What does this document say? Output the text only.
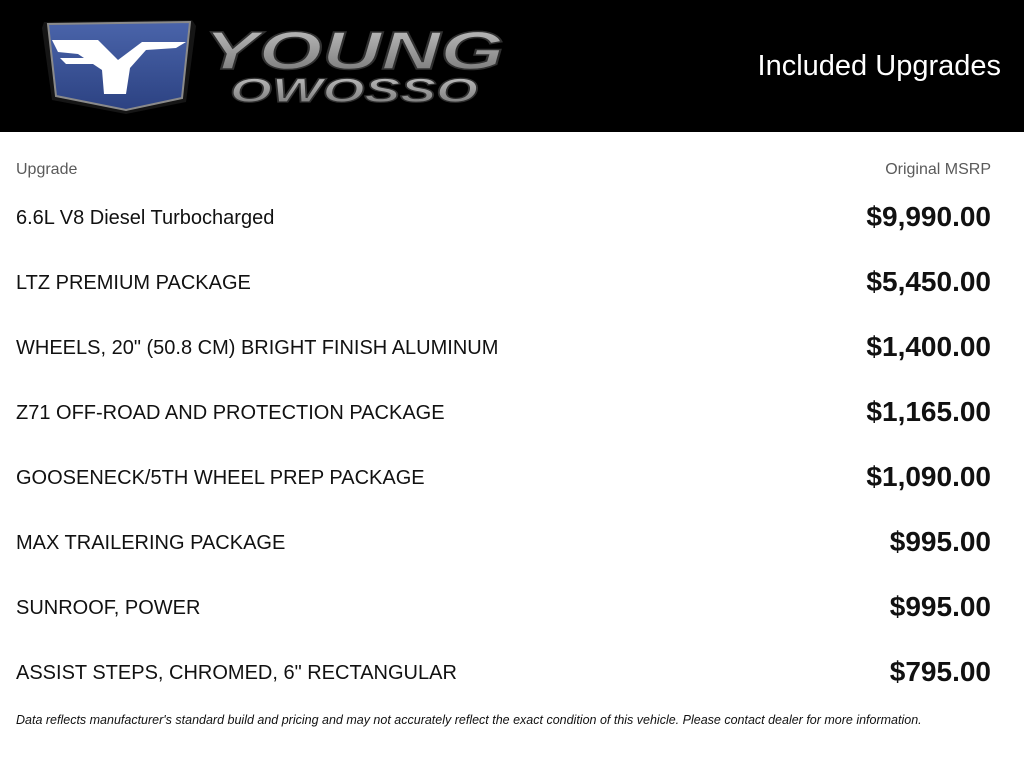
YOUNG
OWOSSO
Included Upgrades
Upgrade	Original MSRP
6.6L V8 Diesel Turbocharged	$9,990.00
LTZ PREMIUM PACKAGE	$5,450.00
WHEELS, 20" (50.8 CM) BRIGHT FINISH ALUMINUM	$1,400.00
Z71 OFF-ROAD AND PROTECTION PACKAGE	$1,165.00
GOOSENECK/5TH WHEEL PREP PACKAGE	$1,090.00
MAX TRAILERING PACKAGE	$995.00
SUNROOF, POWER	$995.00
ASSIST STEPS, CHROMED, 6" RECTANGULAR	$795.00
Data reflects manufacturer's standard build and pricing and may not accurately reflect the exact condition of this vehicle. Please contact dealer for more information.
